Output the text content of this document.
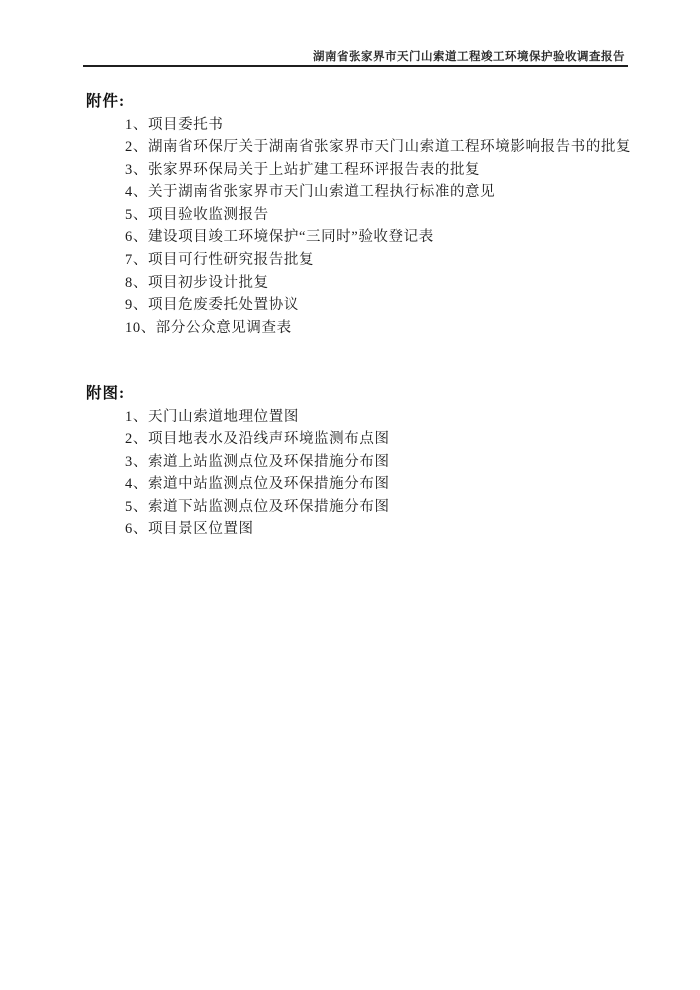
湖南省张家界市天门山索道工程竣工环境保护验收调查报告
附件:
1、项目委托书
2、湖南省环保厅关于湖南省张家界市天门山索道工程环境影响报告书的批复
3、张家界环保局关于上站扩建工程环评报告表的批复
4、关于湖南省张家界市天门山索道工程执行标准的意见
5、项目验收监测报告
6、建设项目竣工环境保护“三同时”验收登记表
7、项目可行性研究报告批复
8、项目初步设计批复
9、项目危废委托处置协议
10、部分公众意见调查表
附图:
1、天门山索道地理位置图
2、项目地表水及沿线声环境监测布点图
3、索道上站监测点位及环保措施分布图
4、索道中站监测点位及环保措施分布图
5、索道下站监测点位及环保措施分布图
6、项目景区位置图
